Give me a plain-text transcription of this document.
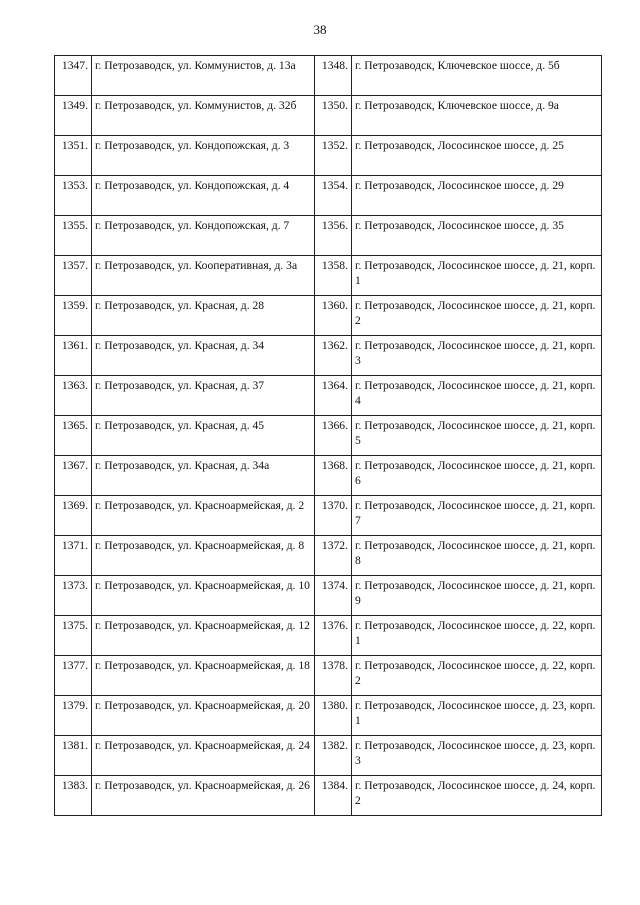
38
1347.	г. Петрозаводск, ул. Коммунистов, д. 13а	1348.	г. Петрозаводск, Ключевское шоссе, д. 5б
1349.	г. Петрозаводск, ул. Коммунистов, д. 32б	1350.	г. Петрозаводск, Ключевское шоссе, д. 9а
1351.	г. Петрозаводск, ул. Кондопожская, д. 3	1352.	г. Петрозаводск, Лососинское шоссе, д. 25
1353.	г. Петрозаводск, ул. Кондопожская, д. 4	1354.	г. Петрозаводск, Лососинское шоссе, д. 29
1355.	г. Петрозаводск, ул. Кондопожская, д. 7	1356.	г. Петрозаводск, Лососинское шоссе, д. 35
1357.	г. Петрозаводск, ул. Кооперативная, д. 3а	1358.	г. Петрозаводск, Лососинское шоссе, д. 21, корп. 1
1359.	г. Петрозаводск, ул. Красная, д. 28	1360.	г. Петрозаводск, Лососинское шоссе, д. 21, корп. 2
1361.	г. Петрозаводск, ул. Красная, д. 34	1362.	г. Петрозаводск, Лососинское шоссе, д. 21, корп. 3
1363.	г. Петрозаводск, ул. Красная, д. 37	1364.	г. Петрозаводск, Лососинское шоссе, д. 21, корп. 4
1365.	г. Петрозаводск, ул. Красная, д. 45	1366.	г. Петрозаводск, Лососинское шоссе, д. 21, корп. 5
1367.	г. Петрозаводск, ул. Красная, д. 34а	1368.	г. Петрозаводск, Лососинское шоссе, д. 21, корп. 6
1369.	г. Петрозаводск, ул. Красноармейская, д. 2	1370.	г. Петрозаводск, Лососинское шоссе, д. 21, корп. 7
1371.	г. Петрозаводск, ул. Красноармейская, д. 8	1372.	г. Петрозаводск, Лососинское шоссе, д. 21, корп. 8
1373.	г. Петрозаводск, ул. Красноармейская, д. 10	1374.	г. Петрозаводск, Лососинское шоссе, д. 21, корп. 9
1375.	г. Петрозаводск, ул. Красноармейская, д. 12	1376.	г. Петрозаводск, Лососинское шоссе, д. 22, корп. 1
1377.	г. Петрозаводск, ул. Красноармейская, д. 18	1378.	г. Петрозаводск, Лососинское шоссе, д. 22, корп. 2
1379.	г. Петрозаводск, ул. Красноармейская, д. 20	1380.	г. Петрозаводск, Лососинское шоссе, д. 23, корп. 1
1381.	г. Петрозаводск, ул. Красноармейская, д. 24	1382.	г. Петрозаводск, Лососинское шоссе, д. 23, корп. 3
1383.	г. Петрозаводск, ул. Красноармейская, д. 26	1384.	г. Петрозаводск, Лососинское шоссе, д. 24, корп. 2
